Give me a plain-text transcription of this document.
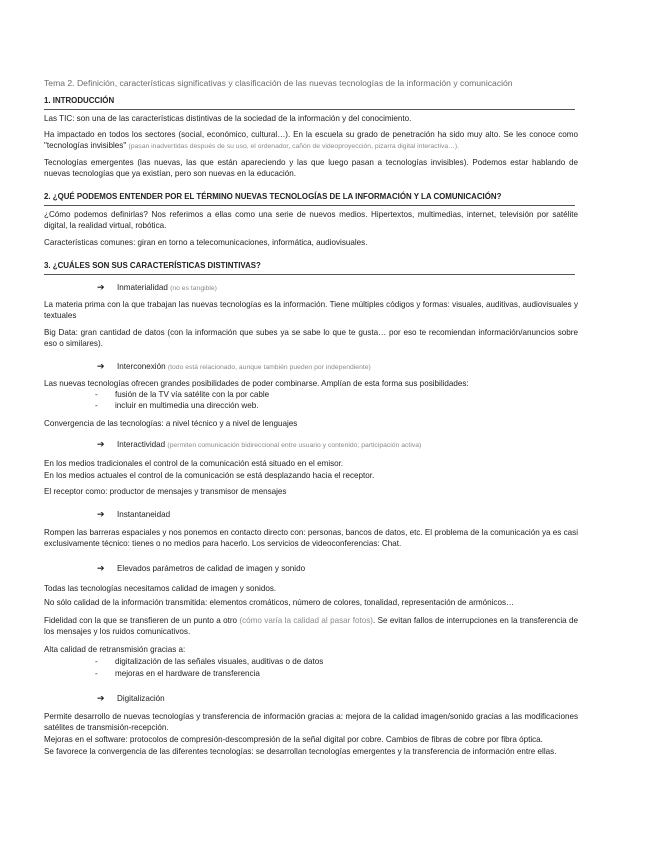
Tema 2. Definición, características significativas y clasificación de las nuevas tecnologías de la información y comunicación
1. INTRODUCCIÓN
Las TIC: son una de las características distintivas de la sociedad de la información y del conocimiento.
Ha impactado en todos los sectores (social, económico, cultural…). En la escuela su grado de penetración ha sido muy alto. Se les conoce como "tecnologías invisibles" (pasan inadvertidas después de su uso, el ordenador, cañón de videoproyección, pizarra digital interactiva…).
Tecnologías emergentes (las nuevas, las que están apareciendo y las que luego pasan a tecnologías invisibles). Podemos estar hablando de nuevas tecnologías que ya existían, pero son nuevas en la educación.
2. ¿QUÉ PODEMOS ENTENDER POR EL TÉRMINO NUEVAS TECNOLOGÍAS DE LA INFORMACIÓN Y LA COMUNICACIÓN?
¿Cómo podemos definirlas? Nos referimos a ellas como una serie de nuevos medios. Hipertextos, multimedias, internet, televisión por satélite digital, la realidad virtual, robótica.
Características comunes: giran en torno a telecomunicaciones, informática, audiovisuales.
3. ¿CUÁLES SON SUS CARACTERÍSTICAS DISTINTIVAS?
➔ Inmaterialidad (no es tangible)
La materia prima con la que trabajan las nuevas tecnologías es la información. Tiene múltiples códigos y formas: visuales, auditivas, audiovisuales y textuales
Big Data: gran cantidad de datos (con la información que subes ya se sabe lo que te gusta… por eso te recomiendan información/anuncios sobre eso o similares).
➔ Interconexión (todo está relacionado, aunque también pueden por independiente)
Las nuevas tecnologías ofrecen grandes posibilidades de poder combinarse. Amplían de esta forma sus posibilidades:
- fusión de la TV vía satélite con la por cable
- incluir en multimedia una dirección web.
Convergencia de las tecnologías: a nivel técnico y a nivel de lenguajes
➔ Interactividad (permiten comunicación bidireccional entre usuario y contenido; participación activa)
En los medios tradicionales el control de la comunicación está situado en el emisor.
En los medios actuales el control de la comunicación se está desplazando hacia el receptor.
El receptor como: productor de mensajes y transmisor de mensajes
➔ Instantaneidad
Rompen las barreras espaciales y nos ponemos en contacto directo con: personas, bancos de datos, etc. El problema de la comunicación ya es casi exclusivamente técnico: tienes o no medios para hacerlo. Los servicios de videoconferencias: Chat.
➔ Elevados parámetros de calidad de imagen y sonido
Todas las tecnologías necesitamos calidad de imagen y sonidos.
No sólo calidad de la información transmitida: elementos cromáticos, número de colores, tonalidad, representación de armónicos…
Fidelidad con la que se transfieren de un punto a otro (cómo varía la calidad al pasar fotos). Se evitan fallos de interrupciones en la transferencia de los mensajes y los ruidos comunicativos.
Alta calidad de retransmisión gracias a:
- digitalización de las señales visuales, auditivas o de datos
- mejoras en el hardware de transferencia
➔ Digitalización
Permite desarrollo de nuevas tecnologías y transferencia de información gracias a: mejora de la calidad imagen/sonido gracias a las modificaciones satélites de transmisión-recepción.
Mejoras en el software: protocolos de compresión-descompresión de la señal digital por cobre. Cambios de fibras de cobre por fibra óptica.
Se favorece la convergencia de las diferentes tecnologías: se desarrollan tecnologías emergentes y la transferencia de información entre ellas.
